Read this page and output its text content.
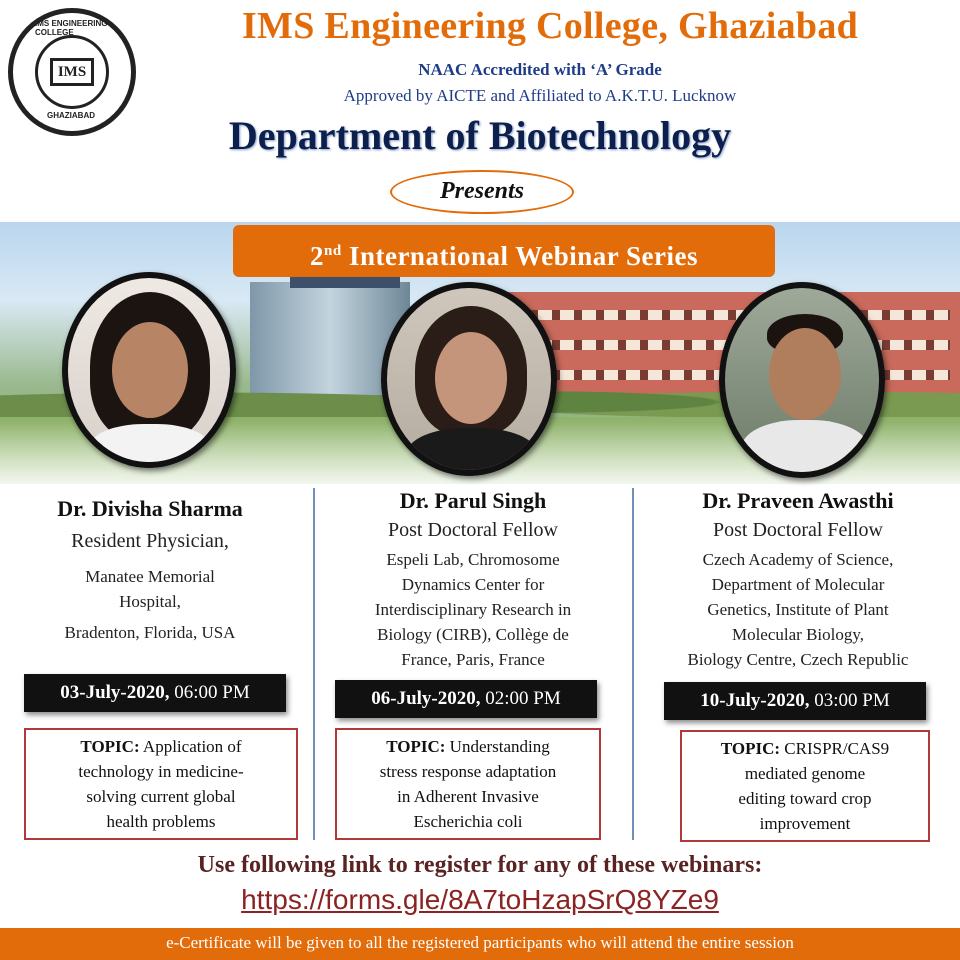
IMS ENGINEERING COLLEGE
IMS
GHAZIABAD
IMS Engineering College, Ghaziabad
NAAC Accredited with ‘A’ Grade
Approved by AICTE and Affiliated to A.K.T.U. Lucknow
Department of Biotechnology
Presents
2nd International Webinar Series
Dr. Divisha Sharma
Resident Physician,
Manatee Memorial
Hospital,
Bradenton, Florida, USA
03-July-2020, 06:00 PM
TOPIC: Application of
technology in medicine-
solving current global
health problems
Dr. Parul Singh
Post Doctoral Fellow
Espeli Lab, Chromosome
Dynamics Center for
Interdisciplinary Research in
Biology (CIRB), Collège de
France, Paris, France
06-July-2020, 02:00 PM
TOPIC: Understanding
stress response adaptation
in Adherent Invasive
Escherichia coli
Dr. Praveen Awasthi
Post Doctoral Fellow
Czech Academy of Science,
Department of Molecular
Genetics, Institute of Plant
Molecular Biology,
Biology Centre, Czech Republic
10-July-2020, 03:00 PM
TOPIC: CRISPR/CAS9
mediated genome
editing toward crop
improvement
Use following link to register for any of these webinars:
https://forms.gle/8A7toHzapSrQ8YZe9
e-Certificate will be given to all the registered participants who will attend the entire session
